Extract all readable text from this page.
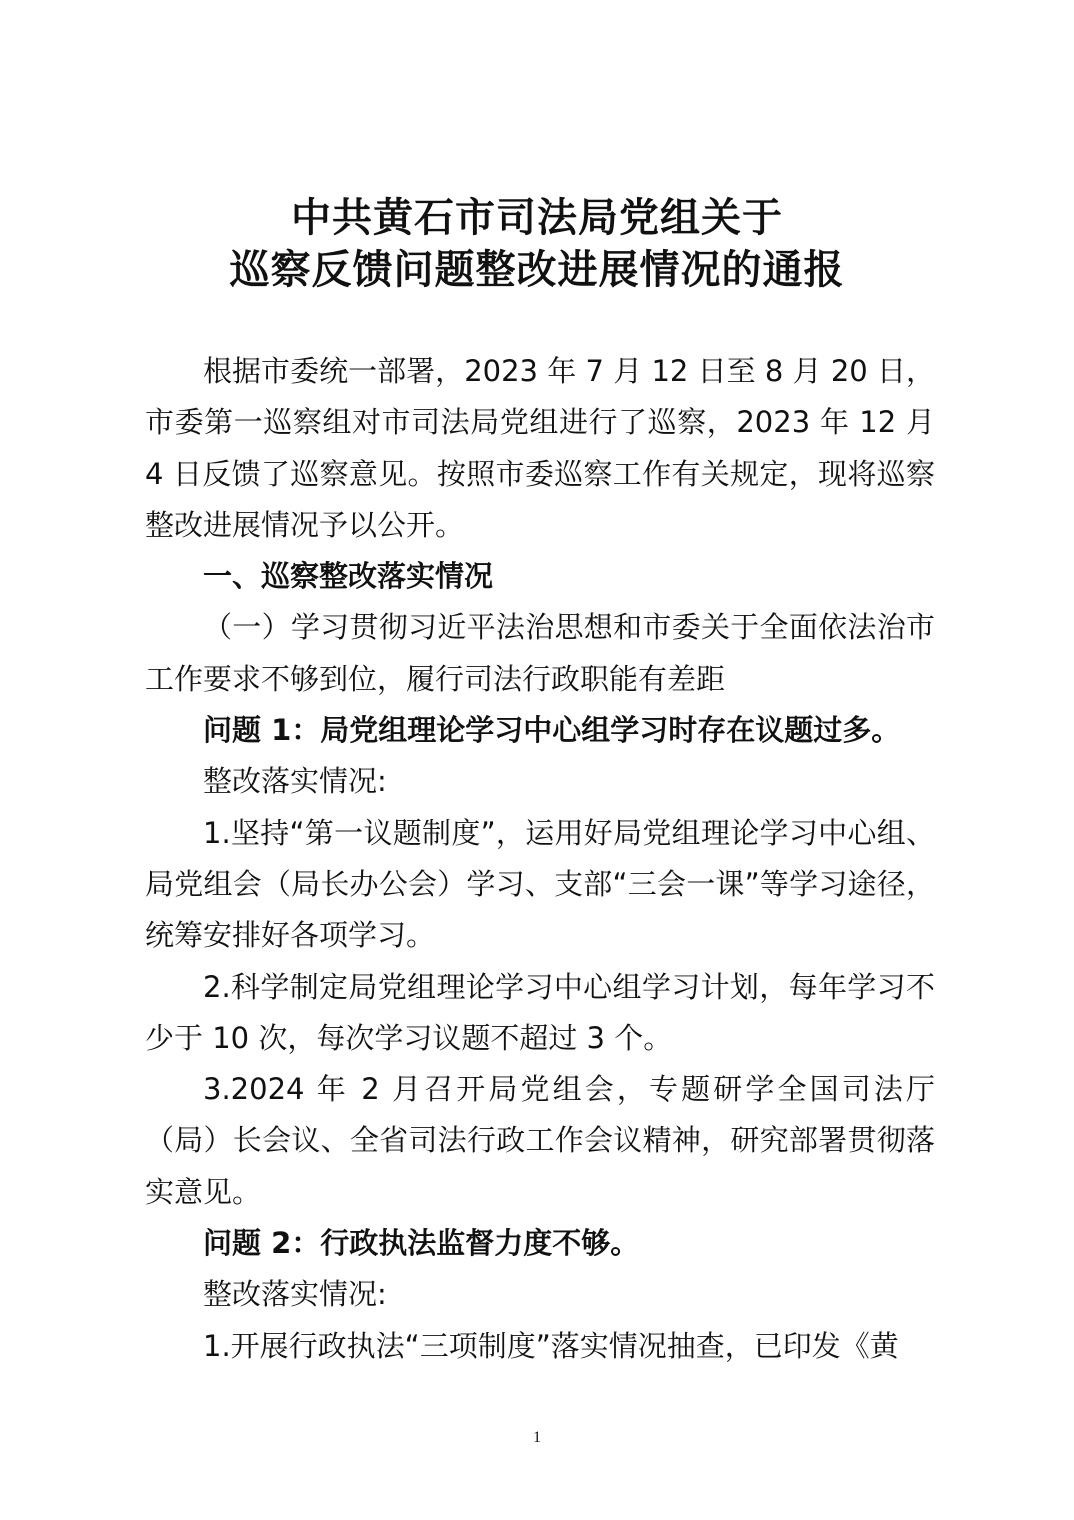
中共黄石市司法局党组关于
巡察反馈问题整改进展情况的通报

根据市委统一部署，2023 年 7 月 12 日至 8 月 20 日，市委第一巡察组对市司法局党组进行了巡察，2023 年 12 月 4 日反馈了巡察意见。按照市委巡察工作有关规定，现将巡察整改进展情况予以公开。

一、巡察整改落实情况

（一）学习贯彻习近平法治思想和市委关于全面依法治市工作要求不够到位，履行司法行政职能有差距

问题 1：局党组理论学习中心组学习时存在议题过多。

整改落实情况:

1.坚持“第一议题制度”，运用好局党组理论学习中心组、局党组会（局长办公会）学习、支部“三会一课”等学习途径，统筹安排好各项学习。

2.科学制定局党组理论学习中心组学习计划，每年学习不少于 10 次，每次学习议题不超过 3 个。

3.2024 年 2 月召开局党组会，专题研学全国司法厅（局）长会议、全省司法行政工作会议精神，研究部署贯彻落实意见。

问题 2：行政执法监督力度不够。

整改落实情况:

1.开展行政执法“三项制度”落实情况抽查，已印发《黄

1
